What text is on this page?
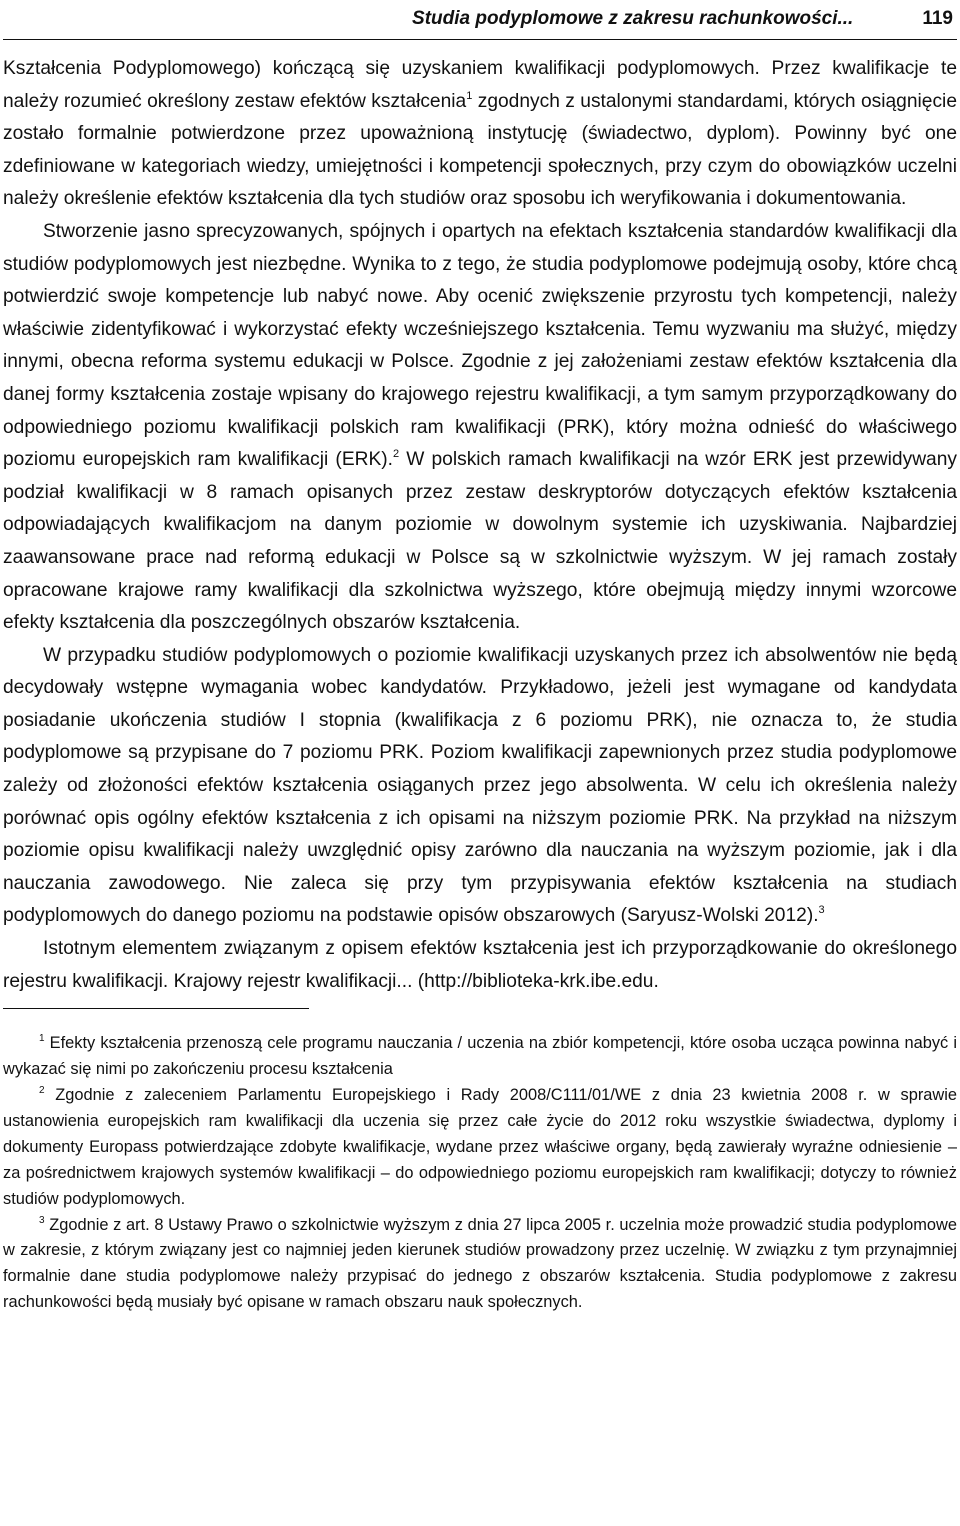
Studia podyplomowe z zakresu rachunkowości...	119

Kształcenia Podyplomowego) kończącą się uzyskaniem kwalifikacji podyplomowych. Przez kwalifikacje te należy rozumieć określony zestaw efektów kształcenia$^1$ zgodnych z ustalonymi standardami, których osiągnięcie zostało formalnie potwierdzone przez upoważnioną instytucję (świadectwo, dyplom). Powinny być one zdefiniowane w kategoriach wiedzy, umiejętności i kompetencji społecznych, przy czym do obowiązków uczelni należy określenie efektów kształcenia dla tych studiów oraz sposobu ich weryfikowania i dokumentowania.

Stworzenie jasno sprecyzowanych, spójnych i opartych na efektach kształcenia standardów kwalifikacji dla studiów podyplomowych jest niezbędne. Wynika to z tego, że studia podyplomowe podejmują osoby, które chcą potwierdzić swoje kompetencje lub nabyć nowe. Aby ocenić zwiększenie przyrostu tych kompetencji, należy właściwie zidentyfikować i wykorzystać efekty wcześniejszego kształcenia. Temu wyzwaniu ma służyć, między innymi, obecna reforma systemu edukacji w Polsce. Zgodnie z jej założeniami zestaw efektów kształcenia dla danej formy kształcenia zostaje wpisany do krajowego rejestru kwalifikacji, a tym samym przyporządkowany do odpowiedniego poziomu kwalifikacji polskich ram kwalifikacji (PRK), który można odnieść do właściwego poziomu europejskich ram kwalifikacji (ERK).$^2$ W polskich ramach kwalifikacji na wzór ERK jest przewidywany podział kwalifikacji w 8 ramach opisanych przez zestaw deskryptorów dotyczących efektów kształcenia odpowiadających kwalifikacjom na danym poziomie w dowolnym systemie ich uzyskiwania. Najbardziej zaawansowane prace nad reformą edukacji w Polsce są w szkolnictwie wyższym. W jej ramach zostały opracowane krajowe ramy kwalifikacji dla szkolnictwa wyższego, które obejmują między innymi wzorcowe efekty kształcenia dla poszczególnych obszarów kształcenia.

W przypadku studiów podyplomowych o poziomie kwalifikacji uzyskanych przez ich absolwentów nie będą decydowały wstępne wymagania wobec kandydatów. Przykładowo, jeżeli jest wymagane od kandydata posiadanie ukończenia studiów I stopnia (kwalifikacja z 6 poziomu PRK), nie oznacza to, że studia podyplomowe są przypisane do 7 poziomu PRK. Poziom kwalifikacji zapewnionych przez studia podyplomowe zależy od złożoności efektów kształcenia osiąganych przez jego absolwenta. W celu ich określenia należy porównać opis ogólny efektów kształcenia z ich opisami na niższym poziomie PRK. Na przykład na niższym poziomie opisu kwalifikacji należy uwzględnić opisy zarówno dla nauczania na wyższym poziomie, jak i dla nauczania zawodowego. Nie zaleca się przy tym przypisywania efektów kształcenia na studiach podyplomowych do danego poziomu na podstawie opisów obszarowych (Saryusz-Wolski 2012).$^3$

Istotnym elementem związanym z opisem efektów kształcenia jest ich przyporządkowanie do określonego rejestru kwalifikacji. Krajowy rejestr kwalifikacji... (http://biblioteka-krk.ibe.edu.

$^1$ Efekty kształcenia przenoszą cele programu nauczania / uczenia na zbiór kompetencji, które osoba ucząca powinna nabyć i wykazać się nimi po zakończeniu procesu kształcenia

$^2$ Zgodnie z zaleceniem Parlamentu Europejskiego i Rady 2008/C111/01/WE z dnia 23 kwietnia 2008 r. w sprawie ustanowienia europejskich ram kwalifikacji dla uczenia się przez całe życie do 2012 roku wszystkie świadectwa, dyplomy i dokumenty Europass potwierdzające zdobyte kwalifikacje, wydane przez właściwe organy, będą zawierały wyraźne odniesienie – za pośrednictwem krajowych systemów kwalifikacji – do odpowiedniego poziomu europejskich ram kwalifikacji; dotyczy to również studiów podyplomowych.

$^3$ Zgodnie z art. 8 Ustawy Prawo o szkolnictwie wyższym z dnia 27 lipca 2005 r. uczelnia może prowadzić studia podyplomowe w zakresie, z którym związany jest co najmniej jeden kierunek studiów prowadzony przez uczelnię. W związku z tym przynajmniej formalnie dane studia podyplomowe należy przypisać do jednego z obszarów kształcenia. Studia podyplomowe z zakresu rachunkowości będą musiały być opisane w ramach obszaru nauk społecznych.
